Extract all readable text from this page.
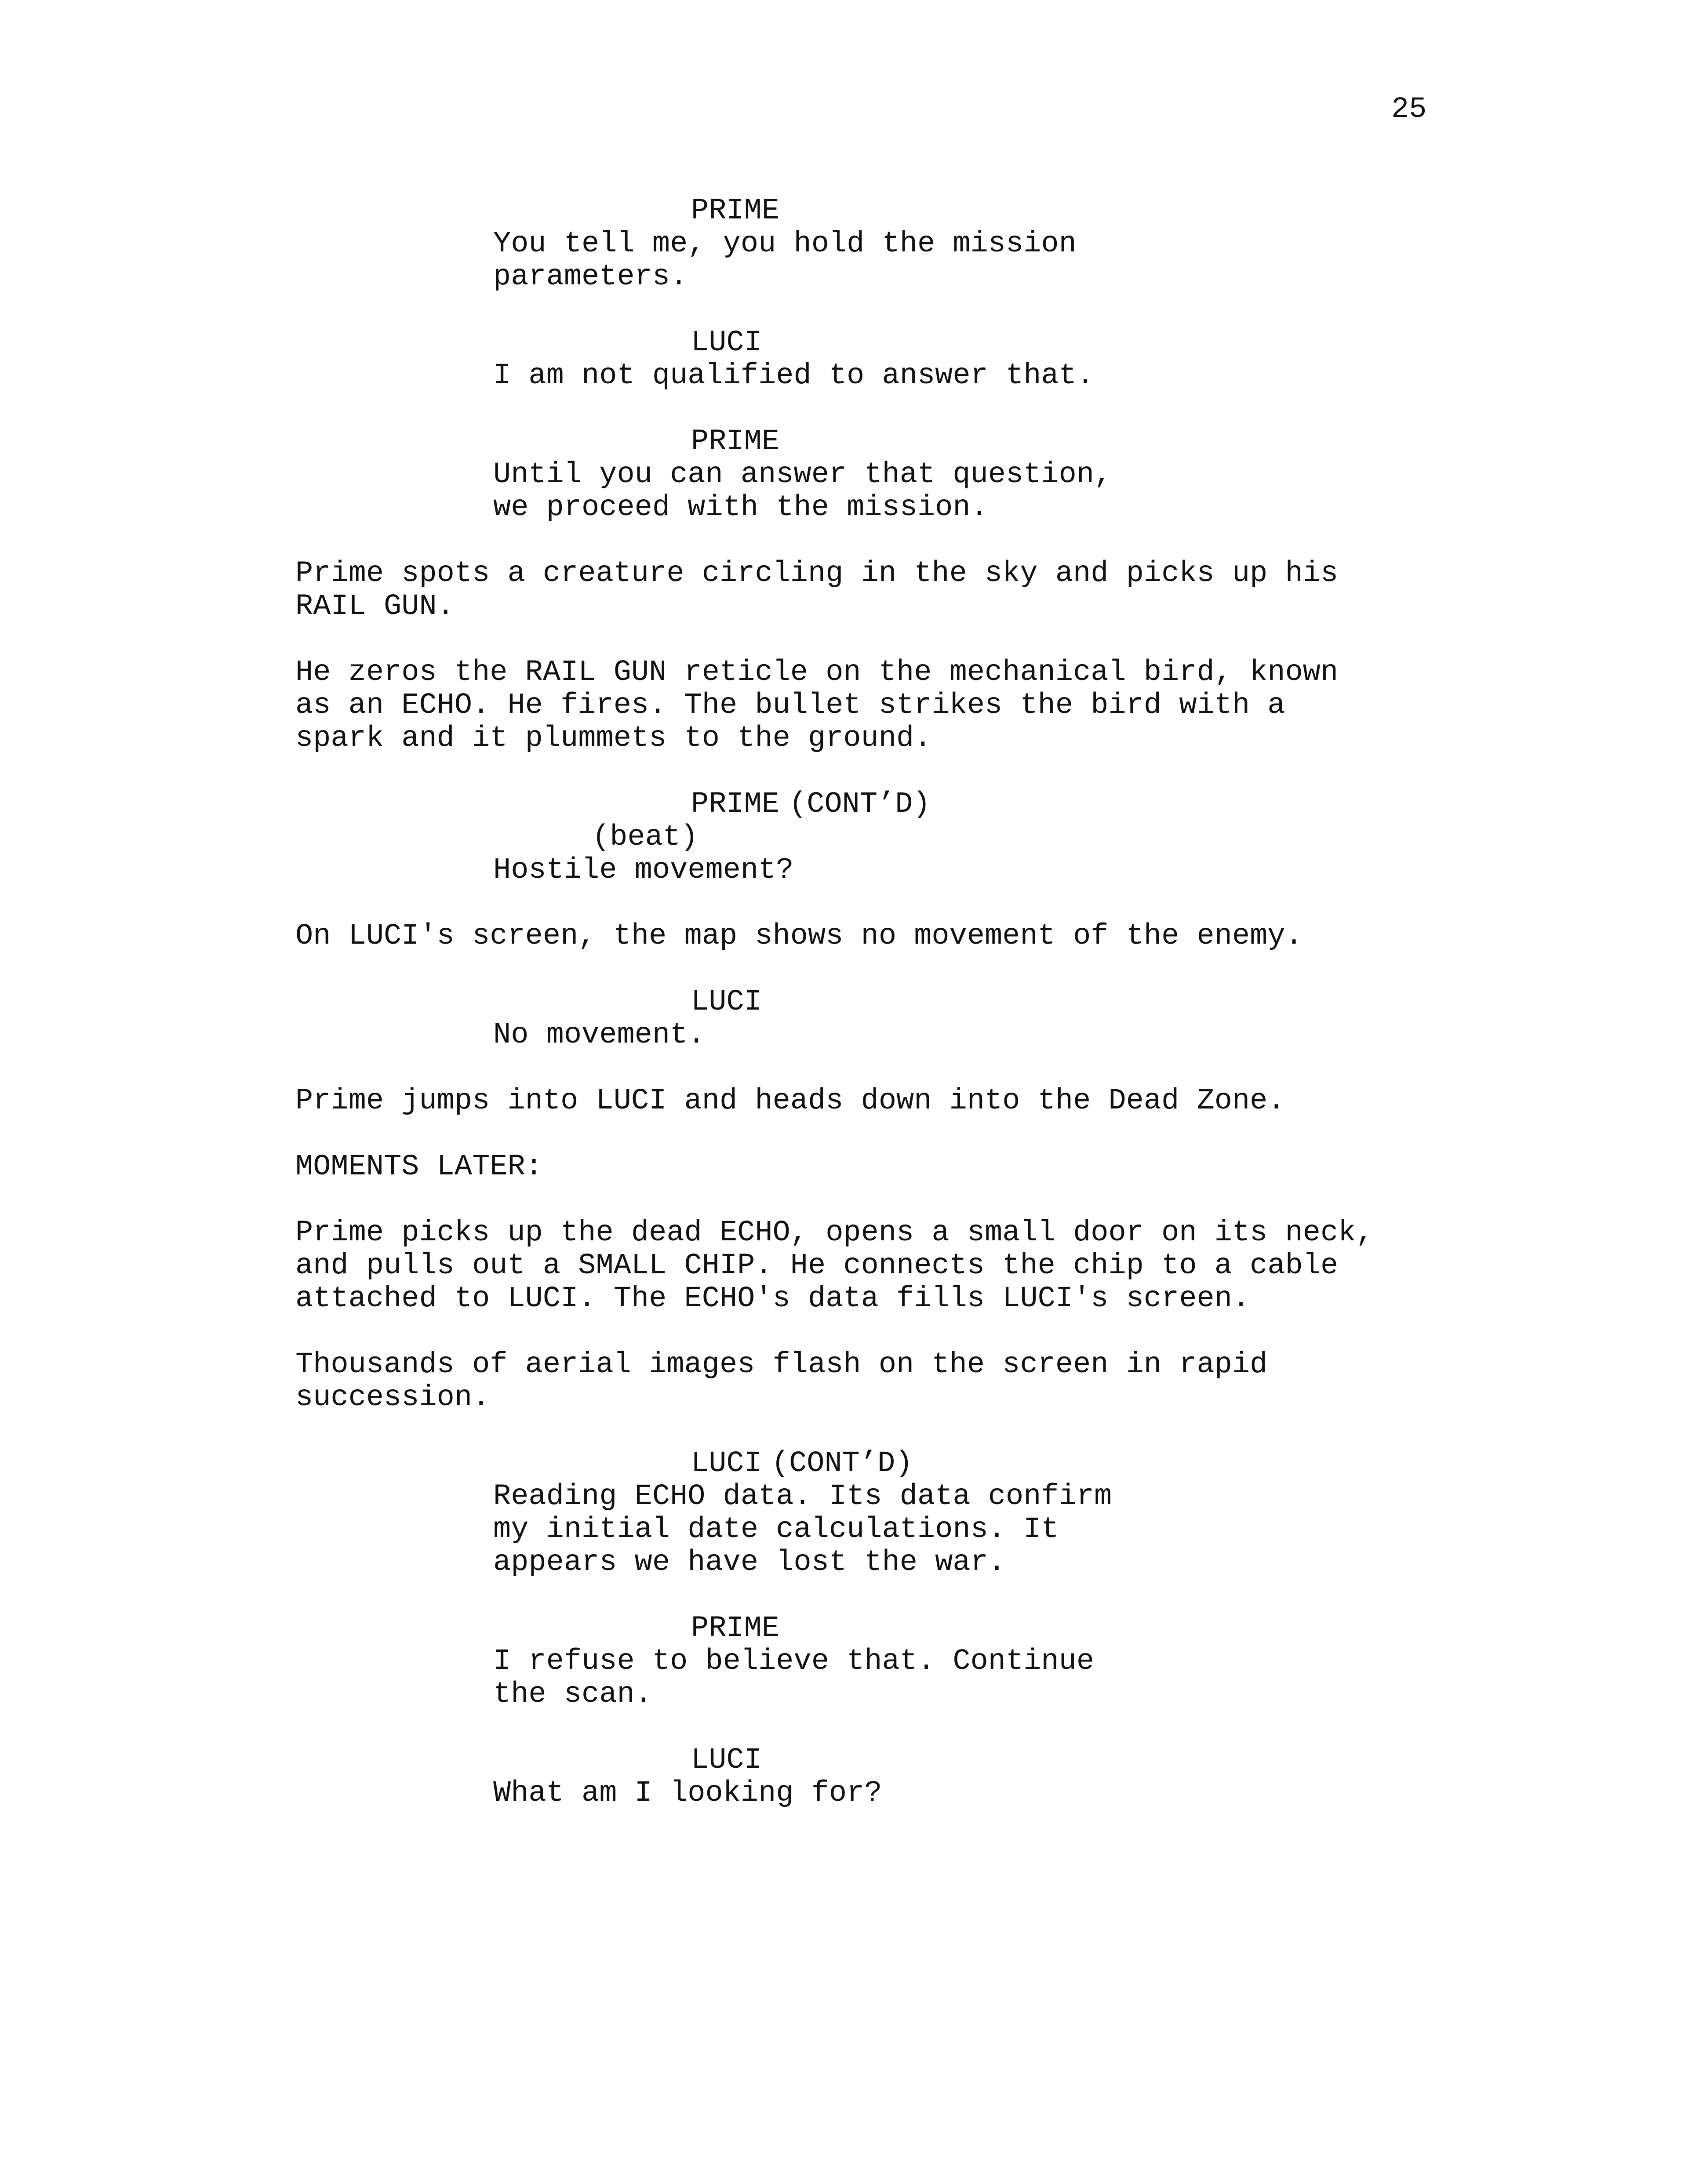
25
PRIME
You tell me, you hold the mission
parameters.
LUCI
I am not qualified to answer that.
PRIME
Until you can answer that question,
we proceed with the mission.
Prime spots a creature circling in the sky and picks up his
RAIL GUN.
He zeros the RAIL GUN reticle on the mechanical bird, known
as an ECHO. He fires. The bullet strikes the bird with a
spark and it plummets to the ground.
PRIME (CONT’D)
(beat)
Hostile movement?
On LUCI's screen, the map shows no movement of the enemy.
LUCI
No movement.
Prime jumps into LUCI and heads down into the Dead Zone.
MOMENTS LATER:
Prime picks up the dead ECHO, opens a small door on its neck,
and pulls out a SMALL CHIP. He connects the chip to a cable
attached to LUCI. The ECHO's data fills LUCI's screen.
Thousands of aerial images flash on the screen in rapid
succession.
LUCI (CONT’D)
Reading ECHO data. Its data confirm
my initial date calculations. It
appears we have lost the war.
PRIME
I refuse to believe that. Continue
the scan.
LUCI
What am I looking for?
